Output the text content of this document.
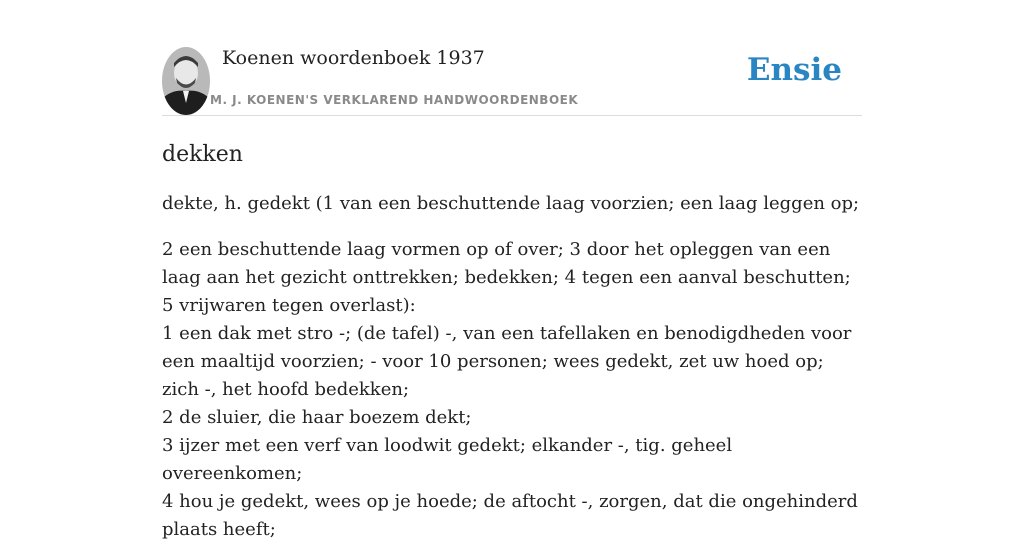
Koenen woordenboek 1937
M. J. KOENEN'S VERKLAREND HANDWOORDENBOEK
Ensie
dekken

dekte, h. gedekt (1 van een beschuttende laag voorzien; een laag leggen op;

2 een beschuttende laag vormen op of over; 3 door het opleggen van een laag aan het gezicht onttrekken; bedekken; 4 tegen een aanval beschutten; 5 vrijwaren tegen overlast):

1 een dak met stro -; (de tafel) -, van een tafellaken en benodigdheden voor een maaltijd voorzien; - voor 10 personen; wees gedekt, zet uw hoed op; zich -, het hoofd bedekken;

2 de sluier, die haar boezem dekt;

3 ijzer met een verf van loodwit gedekt; elkander -, tig. geheel overeenkomen;

4 hou je gedekt, wees op je hoede; de aftocht -, zorgen, dat die ongehinderd plaats heeft;
